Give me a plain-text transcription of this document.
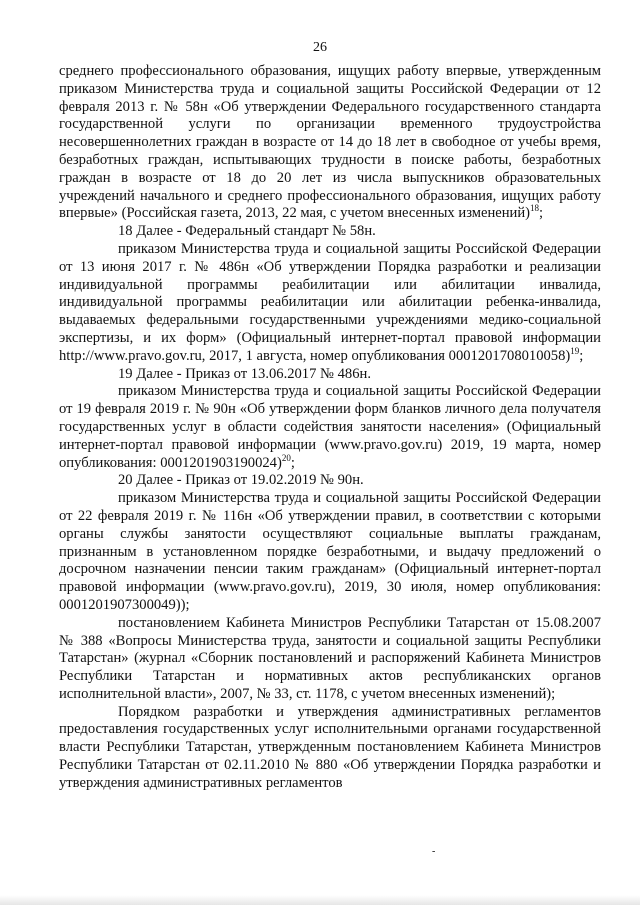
26

среднего профессионального образования, ищущих работу впервые, утвержденным приказом Министерства труда и социальной защиты Российской Федерации от 12 февраля 2013 г. № 58н «Об утверждении Федерального государственного стандарта государственной услуги по организации временного трудоустройства несовершеннолетних граждан в возрасте от 14 до 18 лет в свободное от учебы время, безработных граждан, испытывающих трудности в поиске работы, безработных граждан в возрасте от 18 до 20 лет из числа выпускников образовательных учреждений начального и среднего профессионального образования, ищущих работу впервые» (Российская газета, 2013, 22 мая, с учетом внесенных изменений)$^{18}$;

18 Далее - Федеральный стандарт № 58н.

приказом Министерства труда и социальной защиты Российской Федерации от 13 июня 2017 г. № 486н «Об утверждении Порядка разработки и реализации индивидуальной программы реабилитации или абилитации инвалида, индивидуальной программы реабилитации или абилитации ребенка-инвалида, выдаваемых федеральными государственными учреждениями медико-социальной экспертизы, и их форм» (Официальный интернет-портал правовой информации http://www.pravo.gov.ru, 2017, 1 августа, номер опубликования 0001201708010058)$^{19}$;

19 Далее - Приказ от 13.06.2017 № 486н.

приказом Министерства труда и социальной защиты Российской Федерации от 19 февраля 2019 г. № 90н «Об утверждении форм бланков личного дела получателя государственных услуг в области содействия занятости населения» (Официальный интернет-портал правовой информации (www.pravo.gov.ru) 2019, 19 марта, номер опубликования: 0001201903190024)$^{20}$;

20 Далее - Приказ от 19.02.2019 № 90н.

приказом Министерства труда и социальной защиты Российской Федерации от 22 февраля 2019 г. № 116н «Об утверждении правил, в соответствии с которыми органы службы занятости осуществляют социальные выплаты гражданам, признанным в установленном порядке безработными, и выдачу предложений о досрочном назначении пенсии таким гражданам» (Официальный интернет-портал правовой информации (www.pravo.gov.ru), 2019, 30 июля, номер опубликования: 0001201907300049));

постановлением Кабинета Министров Республики Татарстан от 15.08.2007 № 388 «Вопросы Министерства труда, занятости и социальной защиты Республики Татарстан» (журнал «Сборник постановлений и распоряжений Кабинета Министров Республики Татарстан и нормативных актов республиканских органов исполнительной власти», 2007, № 33, ст. 1178, с учетом внесенных изменений);

Порядком разработки и утверждения административных регламентов предоставления государственных услуг исполнительными органами государственной власти Республики Татарстан, утвержденным постановлением Кабинета Министров Республики Татарстан от 02.11.2010 № 880 «Об утверждении Порядка разработки и утверждения административных регламентов

-
